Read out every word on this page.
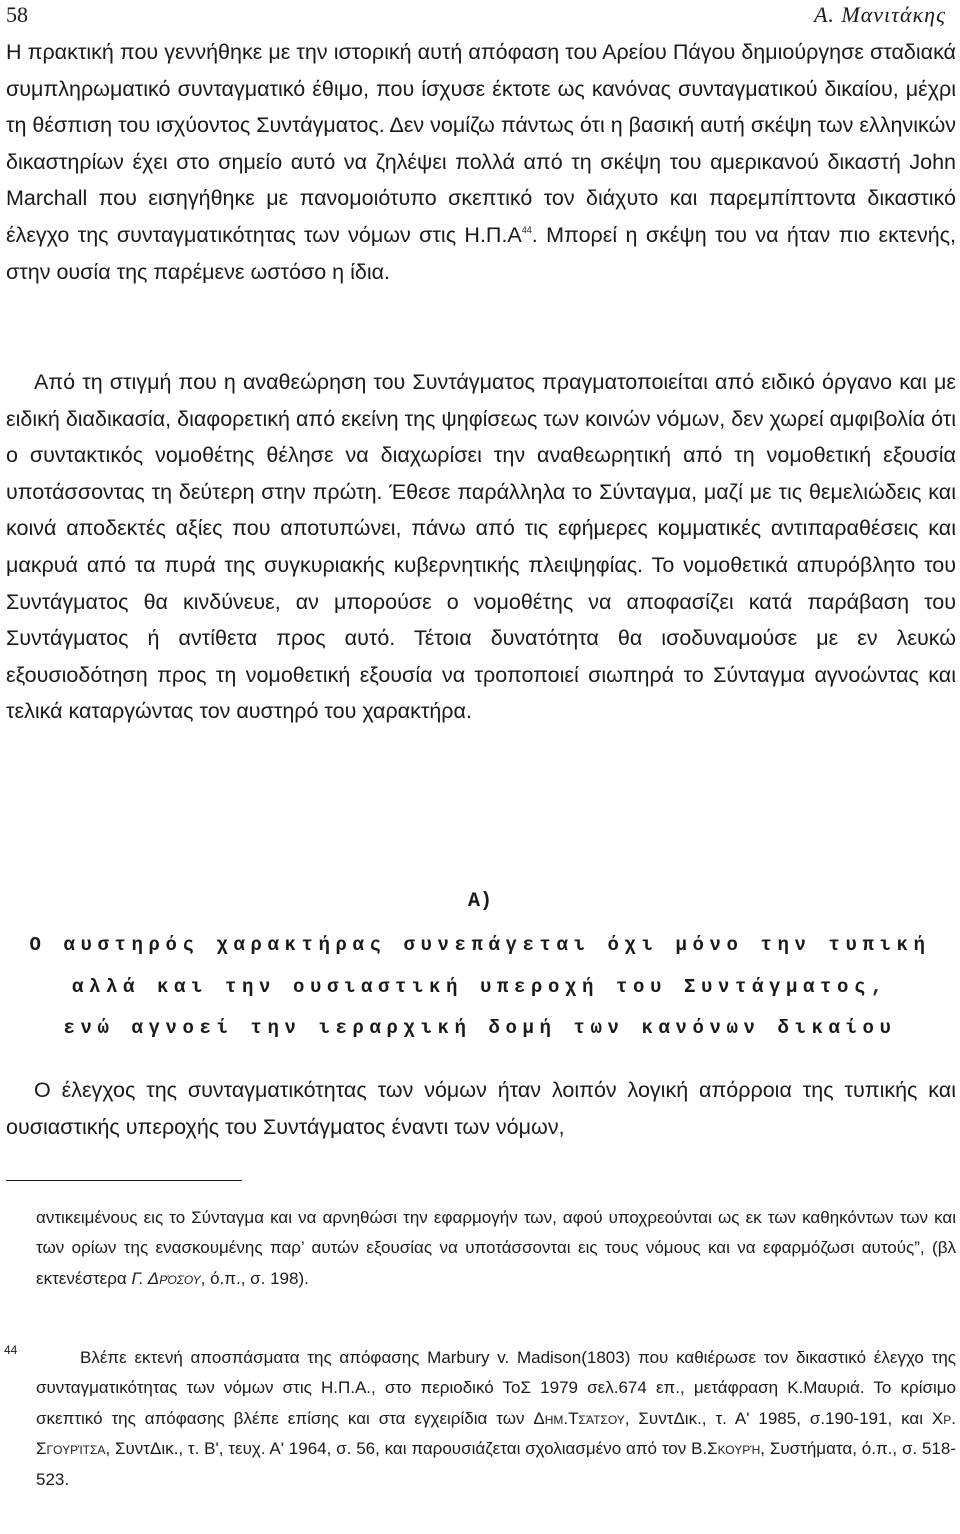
58	Α. Μανιτάκης

Η πρακτική που γεννήθηκε με την ιστορική αυτή απόφαση του Αρείου Πάγου δημιούργησε σταδιακά συμπληρωματικό συνταγματικό έθιμο, που ίσχυσε έκτοτε ως κανόνας συνταγματικού δικαίου, μέχρι τη θέσπιση του ισχύοντος Συντάγματος. Δεν νομίζω πάντως ότι η βασική αυτή σκέψη των ελληνικών δικαστηρίων έχει στο σημείο αυτό να ζηλέψει πολλά από τη σκέψη του αμερικανού δικαστή John Marchall που εισηγήθηκε με πανομοιότυπο σκεπτικό τον διάχυτο και παρεμπίπτοντα δικαστικό έλεγχο της συνταγματικότητας των νόμων στις $H.\Pi.A^{44}$. Μπορεί η σκέψη του να ήταν πιο εκτενής, στην ουσία της παρέμενε ωστόσο η ίδια.

Από τη στιγμή που η αναθεώρηση του Συντάγματος πραγματοποιείται από ειδικό όργανο και με ειδική διαδικασία, διαφορετική από εκείνη της ψηφίσεως των κοινών νόμων, δεν χωρεί αμφιβολία ότι ο συντακτικός νομοθέτης θέλησε να διαχωρίσει την αναθεωρητική από τη νομοθετική εξουσία υποτάσσοντας τη δεύτερη στην πρώτη. Έθεσε παράλληλα το Σύνταγμα, μαζί με τις θεμελιώδεις και κοινά αποδεκτές αξίες που αποτυπώνει, πάνω από τις εφήμερες κομματικές αντιπαραθέσεις και μακρυά από τα πυρά της συγκυριακής κυβερνητικής πλειψηφίας. Το νομοθετικά απυρόβλητο του Συντάγματος θα κινδύνευε, αν μπορούσε ο νομοθέτης να αποφασίζει κατά παράβαση του Συντάγματος ή αντίθετα προς αυτό. Τέτοια δυνατότητα θα ισοδυναμούσε με εν λευκώ εξουσιοδότηση προς τη νομοθετική εξουσία να τροποποιεί σιωπηρά το Σύνταγμα αγνοώντας και τελικά καταργώντας τον αυστηρό του χαρακτήρα.

Α)
Ο αυστηρός χαρακτήρας συνεπάγεται όχι μόνο την τυπική
αλλά και την ουσιαστική υπεροχή του Συντάγματος,
ενώ αγνοεί την ιεραρχική δομή των κανόνων δικαίου

Ο έλεγχος της συνταγματικότητας των νόμων ήταν λοιπόν λογική απόρροια της τυπικής και ουσιαστικής υπεροχής του Συντάγματος έναντι των νόμων,

αντικειμένους εις το Σύνταγμα και να αρνηθώσι την εφαρμογήν των, αφού υποχρεούνται ως εκ των καθηκόντων των και των ορίων της ενασκουμένης παρ’ αυτών εξουσίας να υποτάσσονται εις τους νόμους και να εφαρμόζωσι αυτούς”, (βλ εκτενέστερα Γ. Δρόσου, ό.π., σ. 198).

44	Βλέπε εκτενή αποσπάσματα της απόφασης Marbury v. Madison(1803) που καθιέρωσε τον δικαστικό έλεγχο της συνταγματικότητας των νόμων στις Η.Π.Α., στο περιοδικό ΤοΣ 1979 σελ.674 επ., μετάφραση Κ.Μαυριά. Το κρίσιμο σκεπτικό της απόφασης βλέπε επίσης και στα εγχειρίδια των Δημ.Τσάτσου, ΣυντΔικ., τ. Α' 1985, σ.190-191, και Χρ. Σγουρίτσα, ΣυντΔικ., τ. Β', τευχ. Α' 1964, σ. 56, και παρουσιάζεται σχολιασμένο από τον Β.Σκουρή, Συστήματα, ό.π., σ. 518- 523.
